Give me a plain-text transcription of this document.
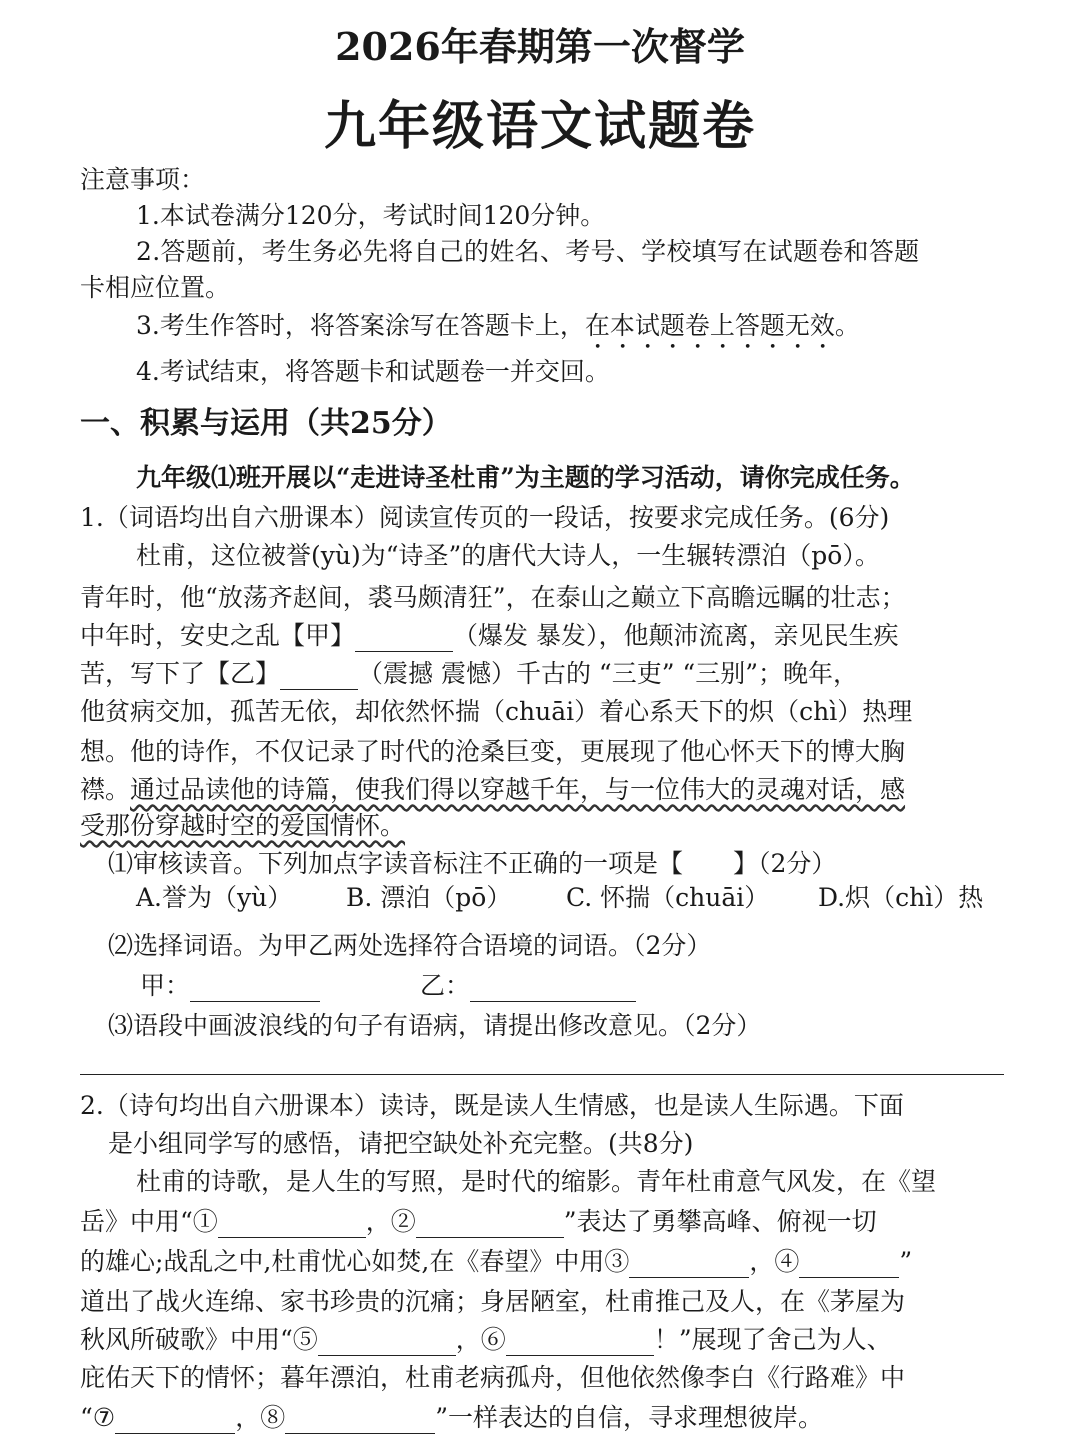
2026年春期第一次督学
九年级语文试题卷
注意事项：
1.本试卷满分120分，考试时间120分钟。
2.答题前，考生务必先将自己的姓名、考号、学校填写在试题卷和答题
卡相应位置。
3.考生作答时，将答案涂写在答题卡上，在本试题卷上答题无效。
4.考试结束，将答题卡和试题卷一并交回。
一、积累与运用（共25分）
九年级⑴班开展以“走进诗圣杜甫”为主题的学习活动，请你完成任务。
1.（词语均出自六册课本）阅读宣传页的一段话，按要求完成任务。(6分)
杜甫，这位被誉(yù)为“诗圣”的唐代大诗人，一生辗转漂泊（pō）。
青年时，他“放荡齐赵间，裘马颇清狂”，在泰山之巅立下高瞻远瞩的壮志；
中年时，安史之乱【甲】	（爆发 暴发），他颠沛流离，亲见民生疾
苦，写下了【乙】	（震撼 震憾）千古的 “三吏” “三别”；晚年，
他贫病交加，孤苦无依，却依然怀揣（chuāi）着心系天下的炽（chì）热理
想。他的诗作，不仅记录了时代的沧桑巨变，更展现了他心怀天下的博大胸
襟。通过品读他的诗篇，使我们得以穿越千年，与一位伟大的灵魂对话，感
受那份穿越时空的爱国情怀。
⑴审核读音。下列加点字读音标注不正确的一项是【　　】（2分）
A.誉为（yù） B. 漂泊（pō） C. 怀揣（chuāi） D.炽（chì）热
⑵选择词语。为甲乙两处选择符合语境的词语。（2分）
甲：	乙：
⑶语段中画波浪线的句子有语病，请提出修改意见。（2分）
2.（诗句均出自六册课本）读诗，既是读人生情感，也是读人生际遇。下面
是小组同学写的感悟，请把空缺处补充完整。(共8分)
杜甫的诗歌，是人生的写照，是时代的缩影。青年杜甫意气风发，在《望
岳》中用“①	，②	”表达了勇攀高峰、俯视一切
的雄心;战乱之中,杜甫忧心如焚,在《春望》中用③	，④	”
道出了战火连绵、家书珍贵的沉痛；身居陋室，杜甫推己及人，在《茅屋为
秋风所破歌》中用“⑤	，⑥	！”展现了舍己为人、
庇佑天下的情怀；暮年漂泊，杜甫老病孤舟，但他依然像李白《行路难》中
“⑦	，⑧	”一样表达的自信，寻求理想彼岸。
